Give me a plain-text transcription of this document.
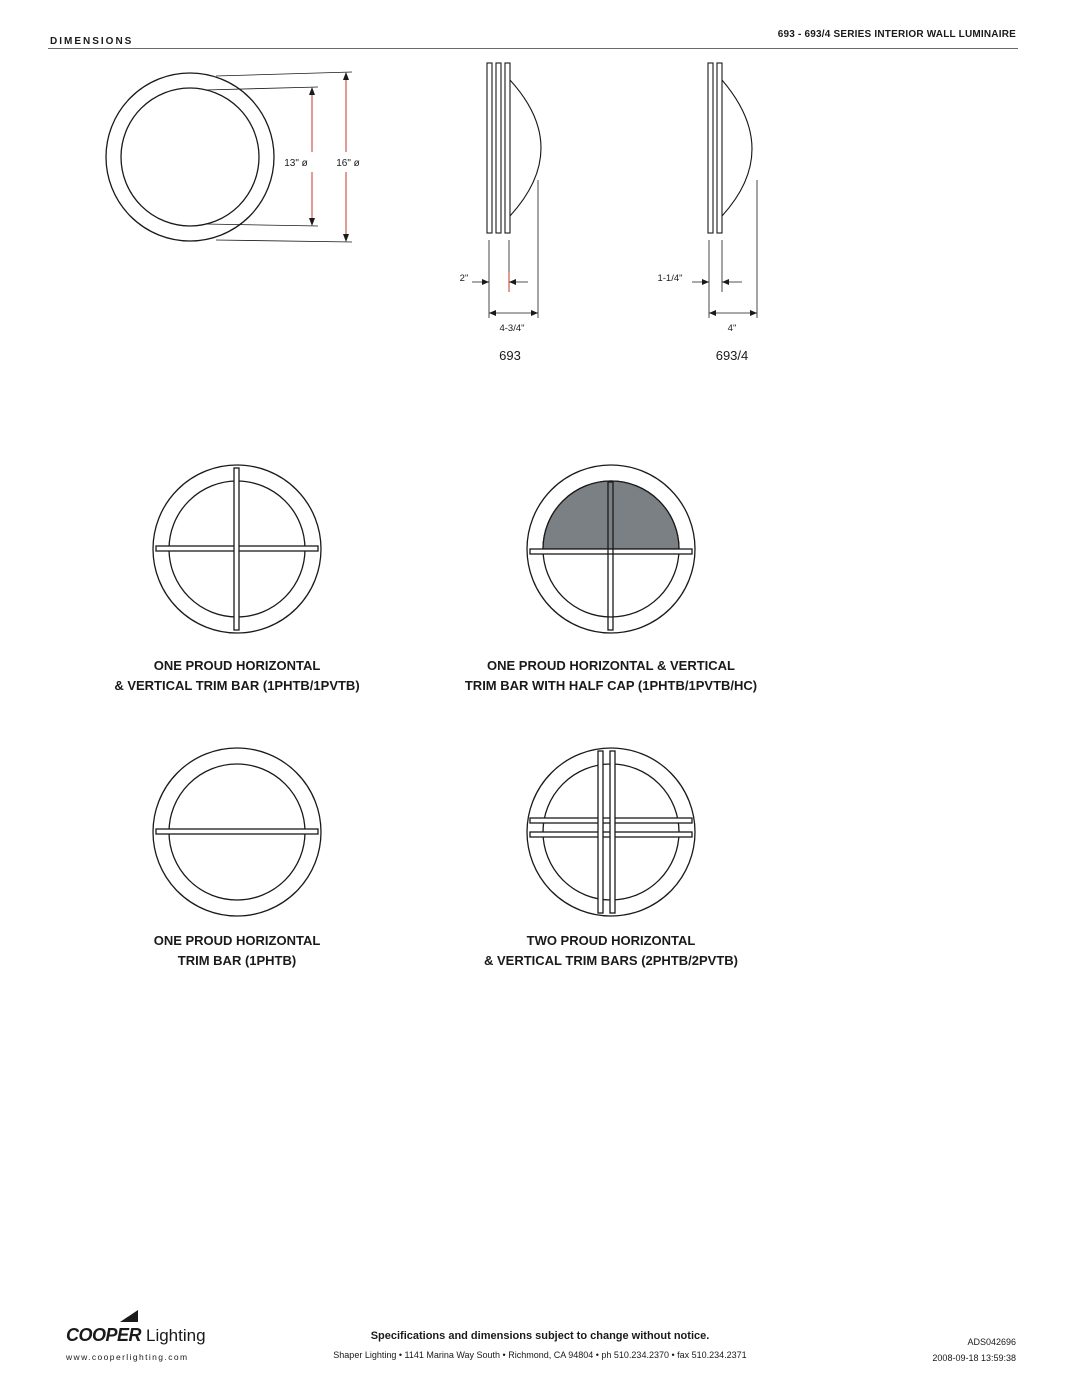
DIMENSIONS
693 - 693/4 SERIES INTERIOR WALL LUMINAIRE
13" ø	16" ø
2"
4-3/4"
693
1-1/4"
4"
693/4
ONE PROUD HORIZONTAL
& VERTICAL TRIM BAR (1PHTB/1PVTB)
ONE PROUD HORIZONTAL & VERTICAL
TRIM BAR WITH HALF CAP (1PHTB/1PVTB/HC)
ONE PROUD HORIZONTAL
TRIM BAR (1PHTB)
TWO PROUD HORIZONTAL
& VERTICAL TRIM BARS (2PHTB/2PVTB)
COOPER Lighting
www.cooperlighting.com
Specifications and dimensions subject to change without notice.
Shaper Lighting • 1141 Marina Way South • Richmond, CA 94804 • ph 510.234.2370 • fax 510.234.2371
ADS042696
2008-09-18 13:59:38
